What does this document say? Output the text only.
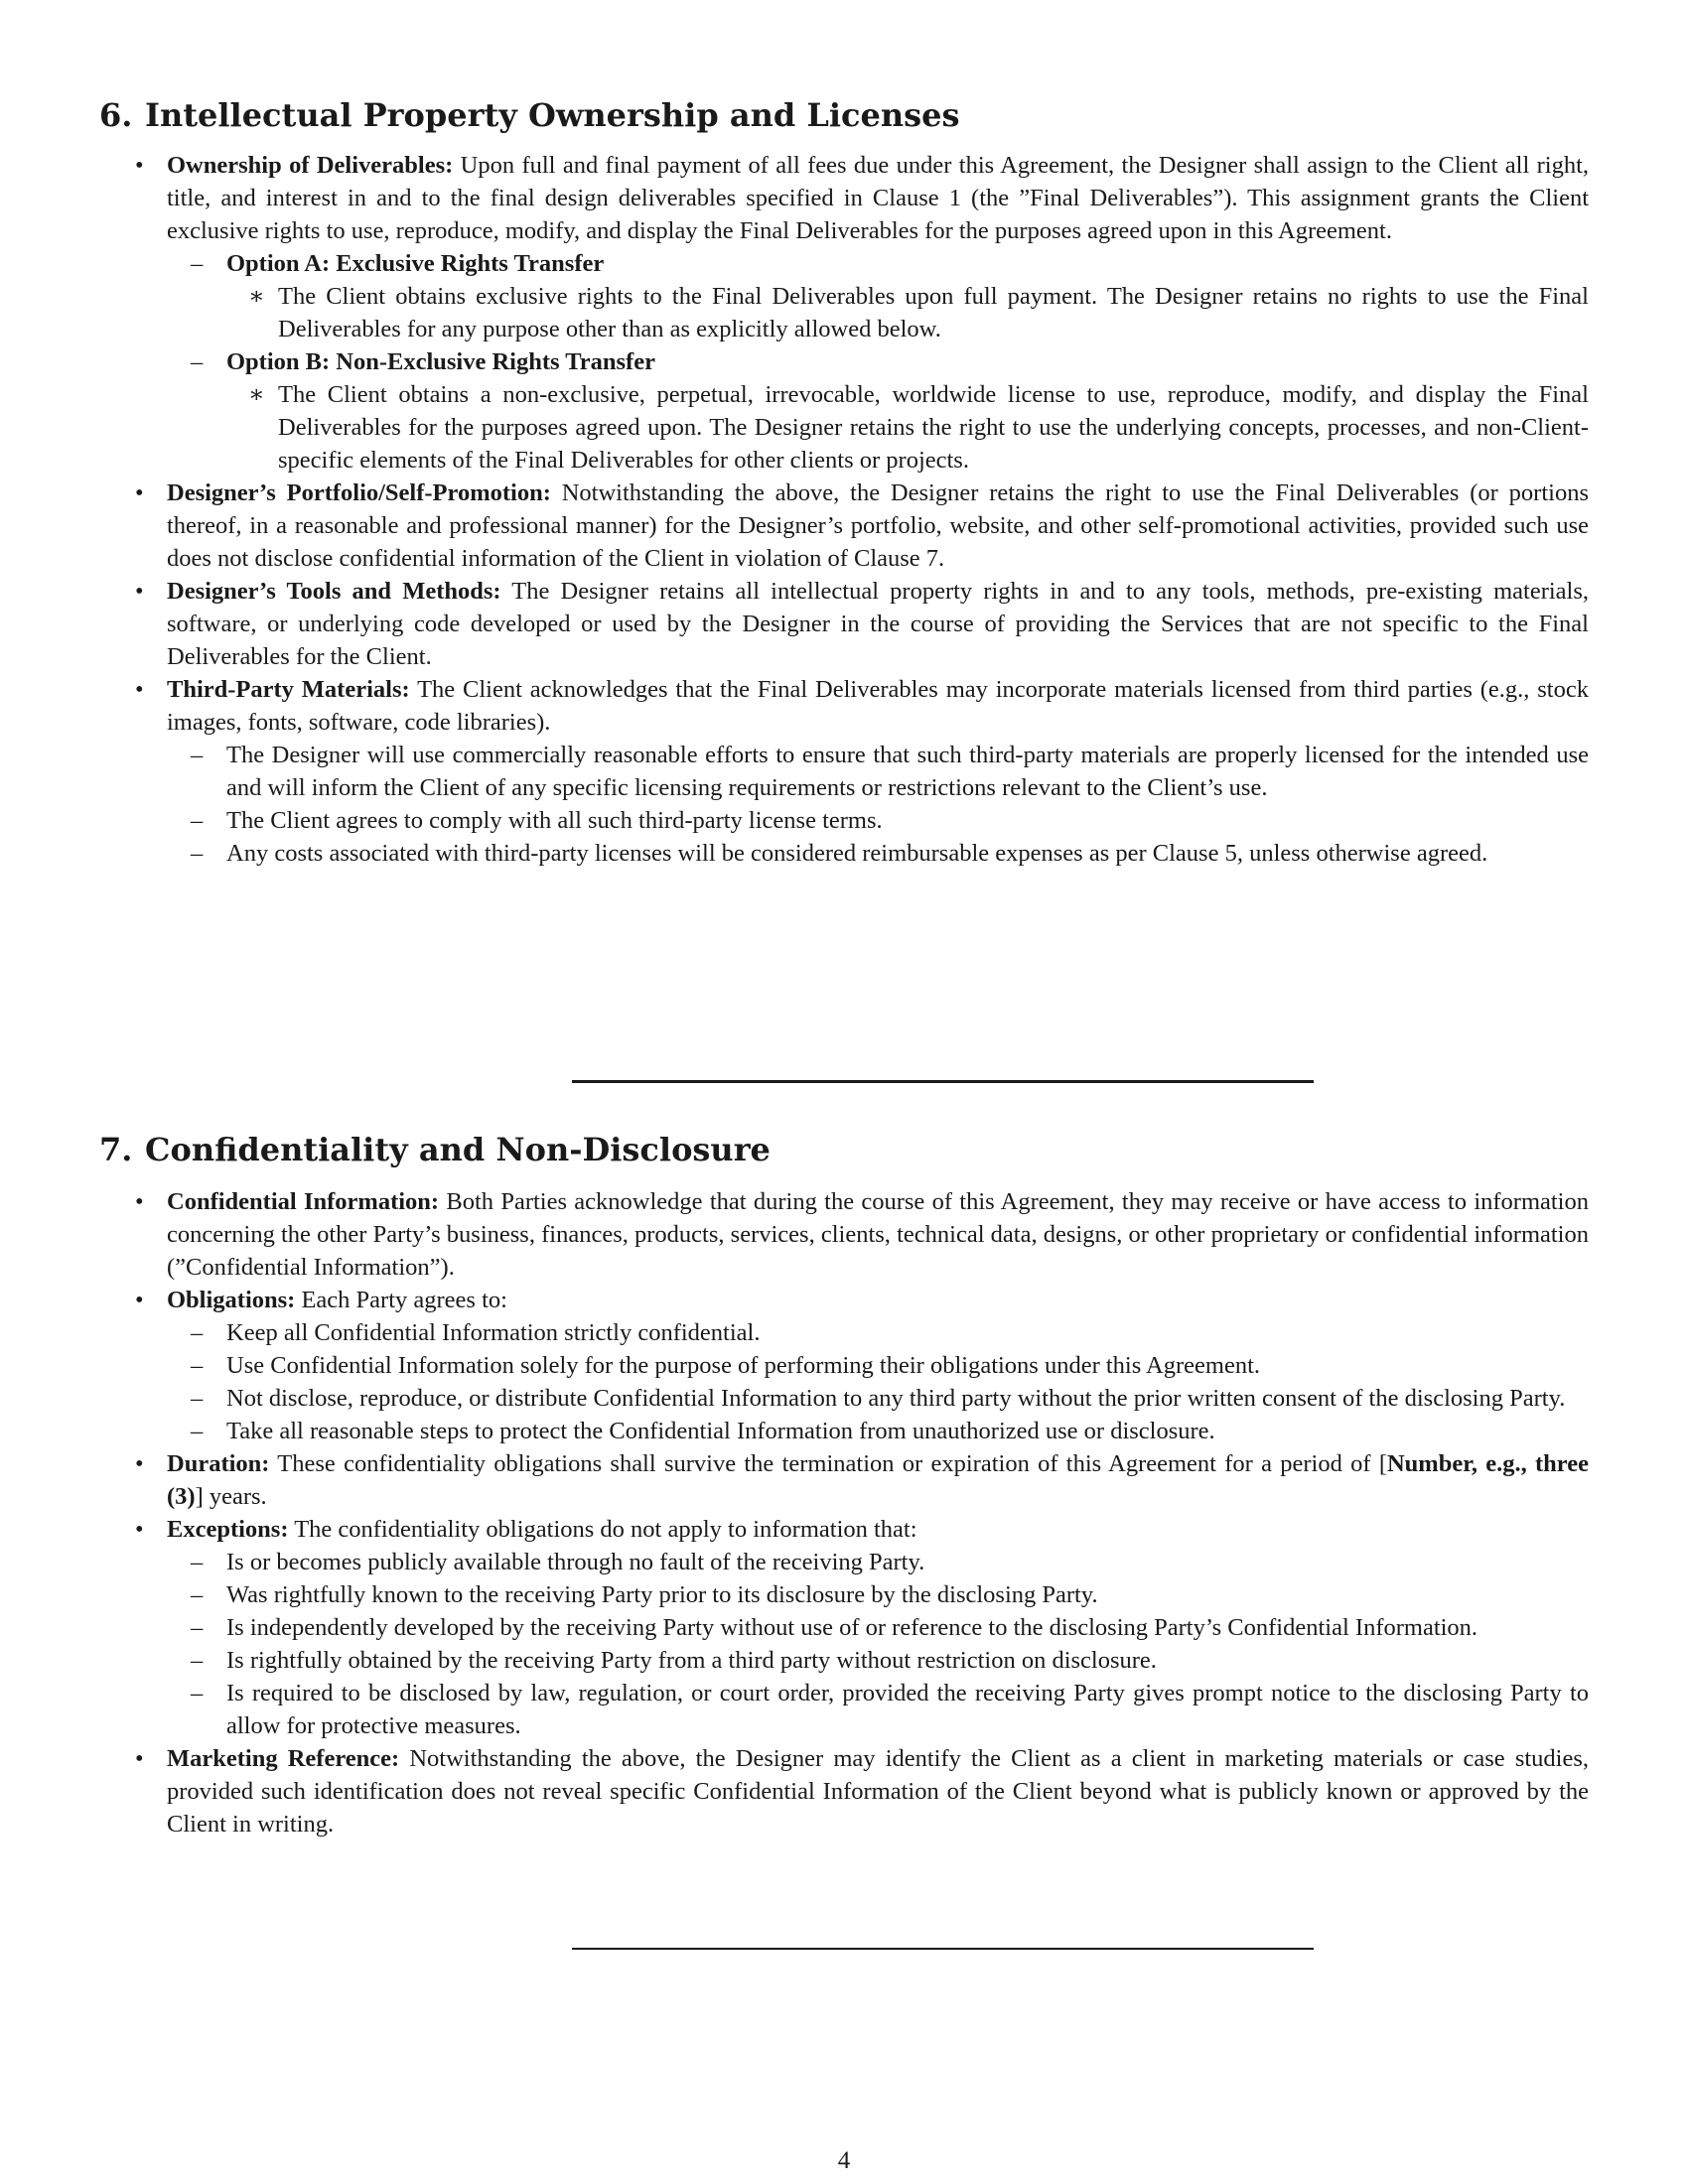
6. Intellectual Property Ownership and Licenses
• Ownership of Deliverables: Upon full and final payment of all fees due under this Agreement, the Designer shall assign to the Client all right, title, and interest in and to the final design deliverables specified in Clause 1 (the ”Final Deliverables”). This assignment grants the Client exclusive rights to use, reproduce, modify, and display the Final Deliverables for the purposes agreed upon in this Agreement.
– Option A: Exclusive Rights Transfer
∗ The Client obtains exclusive rights to the Final Deliverables upon full payment. The Designer retains no rights to use the Final Deliverables for any purpose other than as explicitly allowed below.
– Option B: Non-Exclusive Rights Transfer
∗ The Client obtains a non-exclusive, perpetual, irrevocable, worldwide license to use, reproduce, modify, and display the Final Deliverables for the purposes agreed upon. The Designer retains the right to use the underlying concepts, processes, and non-Client-specific elements of the Final Deliverables for other clients or projects.
• Designer’s Portfolio/Self-Promotion: Notwithstanding the above, the Designer retains the right to use the Final Deliverables (or portions thereof, in a reasonable and professional manner) for the Designer’s portfolio, website, and other self-promotional activities, provided such use does not disclose confidential information of the Client in violation of Clause 7.
• Designer’s Tools and Methods: The Designer retains all intellectual property rights in and to any tools, methods, pre-existing materials, software, or underlying code developed or used by the Designer in the course of providing the Services that are not specific to the Final Deliverables for the Client.
• Third-Party Materials: The Client acknowledges that the Final Deliverables may incorporate materials licensed from third parties (e.g., stock images, fonts, software, code libraries).
– The Designer will use commercially reasonable efforts to ensure that such third-party materials are properly licensed for the intended use and will inform the Client of any specific licensing requirements or restrictions relevant to the Client’s use.
– The Client agrees to comply with all such third-party license terms.
– Any costs associated with third-party licenses will be considered reimbursable expenses as per Clause 5, unless otherwise agreed.
7. Confidentiality and Non-Disclosure
• Confidential Information: Both Parties acknowledge that during the course of this Agreement, they may receive or have access to information concerning the other Party’s business, finances, products, services, clients, technical data, designs, or other proprietary or confidential information (”Confidential Information”).
• Obligations: Each Party agrees to:
– Keep all Confidential Information strictly confidential.
– Use Confidential Information solely for the purpose of performing their obligations under this Agreement.
– Not disclose, reproduce, or distribute Confidential Information to any third party without the prior written consent of the disclosing Party.
– Take all reasonable steps to protect the Confidential Information from unauthorized use or disclosure.
• Duration: These confidentiality obligations shall survive the termination or expiration of this Agreement for a period of [Number, e.g., three (3)] years.
• Exceptions: The confidentiality obligations do not apply to information that:
– Is or becomes publicly available through no fault of the receiving Party.
– Was rightfully known to the receiving Party prior to its disclosure by the disclosing Party.
– Is independently developed by the receiving Party without use of or reference to the disclosing Party’s Confidential Information.
– Is rightfully obtained by the receiving Party from a third party without restriction on disclosure.
– Is required to be disclosed by law, regulation, or court order, provided the receiving Party gives prompt notice to the disclosing Party to allow for protective measures.
• Marketing Reference: Notwithstanding the above, the Designer may identify the Client as a client in marketing materials or case studies, provided such identification does not reveal specific Confidential Information of the Client beyond what is publicly known or approved by the Client in writing.
4
